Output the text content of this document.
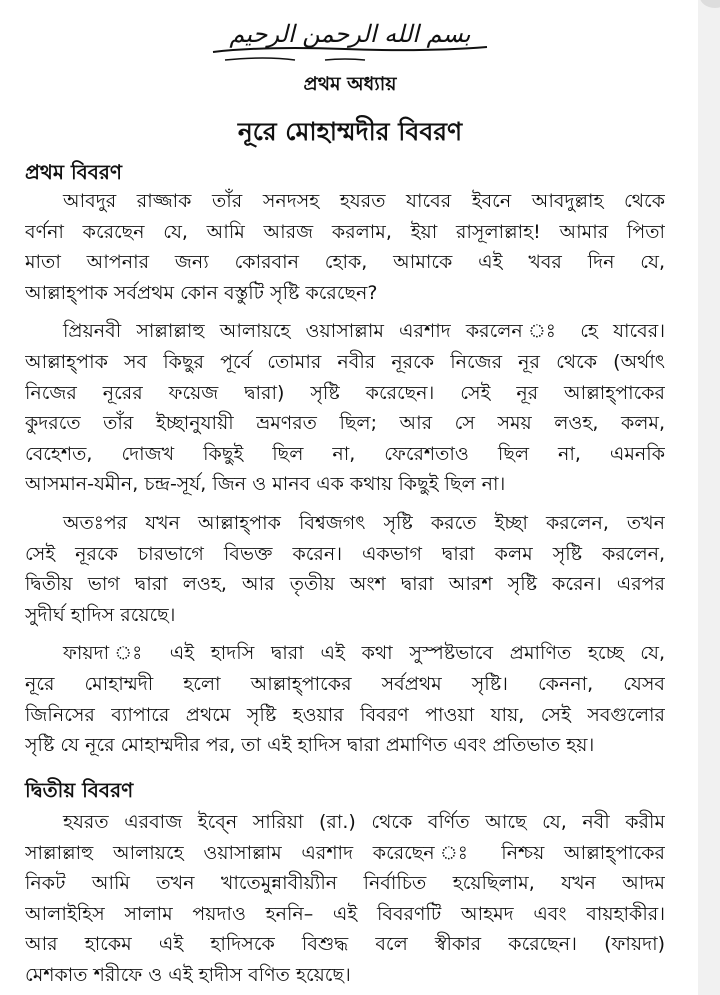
بسم الله الرحمن الرحيم
প্রথম অধ্যায়
নূরে মোহাম্মদীর বিবরণ
প্রথম বিবরণ
আবদুর রাজ্জাক তাঁর সনদসহ হযরত যাবের ইবনে আবদুল্লাহ থেকে
বর্ণনা করেছেন যে, আমি আরজ করলাম, ইয়া রাসূলাল্লাহ! আমার পিতা
মাতা আপনার জন্য কোরবান হোক, আমাকে এই খবর দিন যে,
আল্লাহ্পাক সর্বপ্রথম কোন বস্তুটি সৃষ্টি করেছেন?
প্রিয়নবী সাল্লাল্লাহু আলায়হে ওয়াসাল্লাম এরশাদ করলেন ঃ হে যাবের।
আল্লাহ্পাক সব কিছুর পূর্বে তোমার নবীর নূরকে নিজের নূর থেকে (অর্থাৎ
নিজের নূরের ফয়েজ দ্বারা) সৃষ্টি করেছেন। সেই নূর আল্লাহ্পাকের
কুদরতে তাঁর ইচ্ছানুযায়ী ভ্রমণরত ছিল; আর সে সময় লওহ, কলম,
বেহেশত, দোজখ কিছুই ছিল না, ফেরেশতাও ছিল না, এমনকি
আসমান-যমীন, চন্দ্র-সূর্য, জিন ও মানব এক কথায় কিছুই ছিল না।
অতঃপর যখন আল্লাহ্পাক বিশ্বজগৎ সৃষ্টি করতে ইচ্ছা করলেন, তখন
সেই নূরকে চারভাগে বিভক্ত করেন। একভাগ দ্বারা কলম সৃষ্টি করলেন,
দ্বিতীয় ভাগ দ্বারা লওহ, আর তৃতীয় অংশ দ্বারা আরশ সৃষ্টি করেন। এরপর
সুদীর্ঘ হাদিস রয়েছে।
ফায়দা ঃ এই হাদসি দ্বারা এই কথা সুস্পষ্টভাবে প্রমাণিত হচ্ছে যে,
নূরে মোহাম্মদী হলো আল্লাহ্পাকের সর্বপ্রথম সৃষ্টি। কেননা, যেসব
জিনিসের ব্যাপারে প্রথমে সৃষ্টি হওয়ার বিবরণ পাওয়া যায়, সেই সবগুলোর
সৃষ্টি যে নূরে মোহাম্মদীর পর, তা এই হাদিস দ্বারা প্রমাণিত এবং প্রতিভাত হয়।
দ্বিতীয় বিবরণ
হযরত এরবাজ ইব্নে সারিয়া (রা.) থেকে বর্ণিত আছে যে, নবী করীম
সাল্লাল্লাহু আলায়হে ওয়াসাল্লাম এরশাদ করেছেন ঃ নিশ্চয় আল্লাহ্পাকের
নিকট আমি তখন খাতেমুন্নাবীয়্যীন নির্বাচিত হয়েছিলাম, যখন আদম
আলাইহিস সালাম পয়দাও হননি– এই বিবরণটি আহমদ এবং বায়হাকীর।
আর হাকেম এই হাদিসকে বিশুদ্ধ বলে স্বীকার করেছেন। (ফায়দা)
মেশকাত শরীফে ও এই হাদীস বণিত হয়েছে।
